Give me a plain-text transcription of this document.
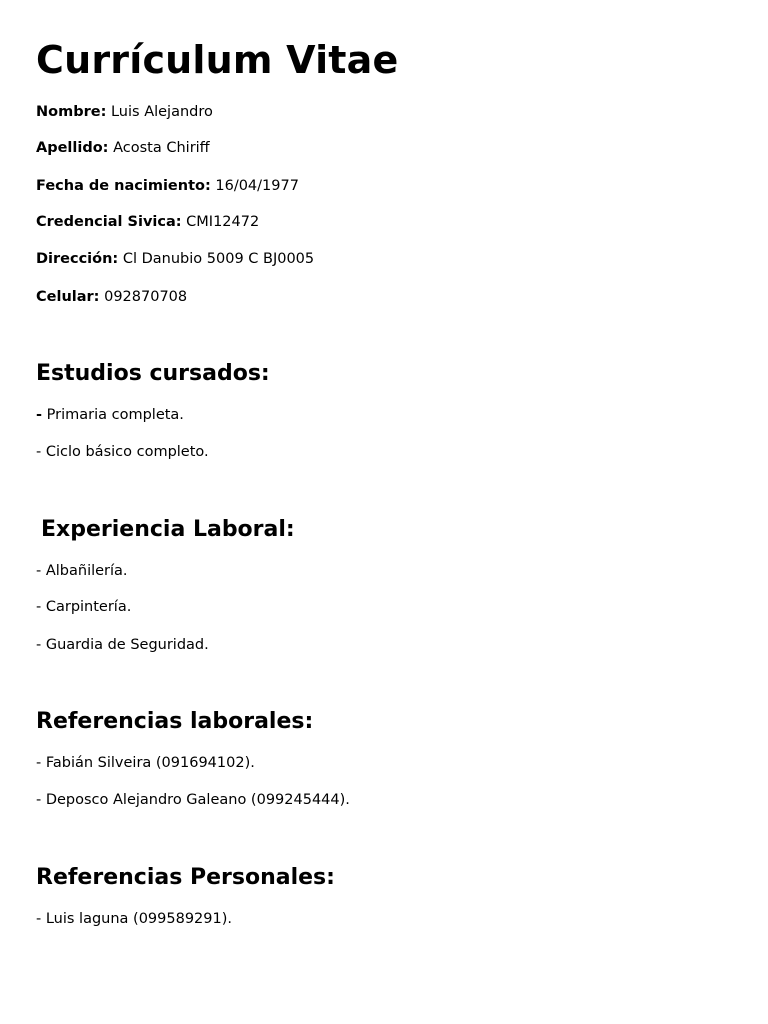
Currículum Vitae

Nombre: Luis Alejandro

Apellido: Acosta Chiriff

Fecha de nacimiento: 16/04/1977

Credencial Sivica: CMI12472

Dirección: Cl Danubio 5009 C BJ0005

Celular: 092870708

Estudios cursados:

- Primaria completa.

- Ciclo básico completo.

Experiencia Laboral:

- Albañilería.

- Carpintería.

- Guardia de Seguridad.

Referencias laborales:

- Fabián Silveira (091694102).

- Deposco Alejandro Galeano (099245444).

Referencias Personales:

- Luis laguna (099589291).
